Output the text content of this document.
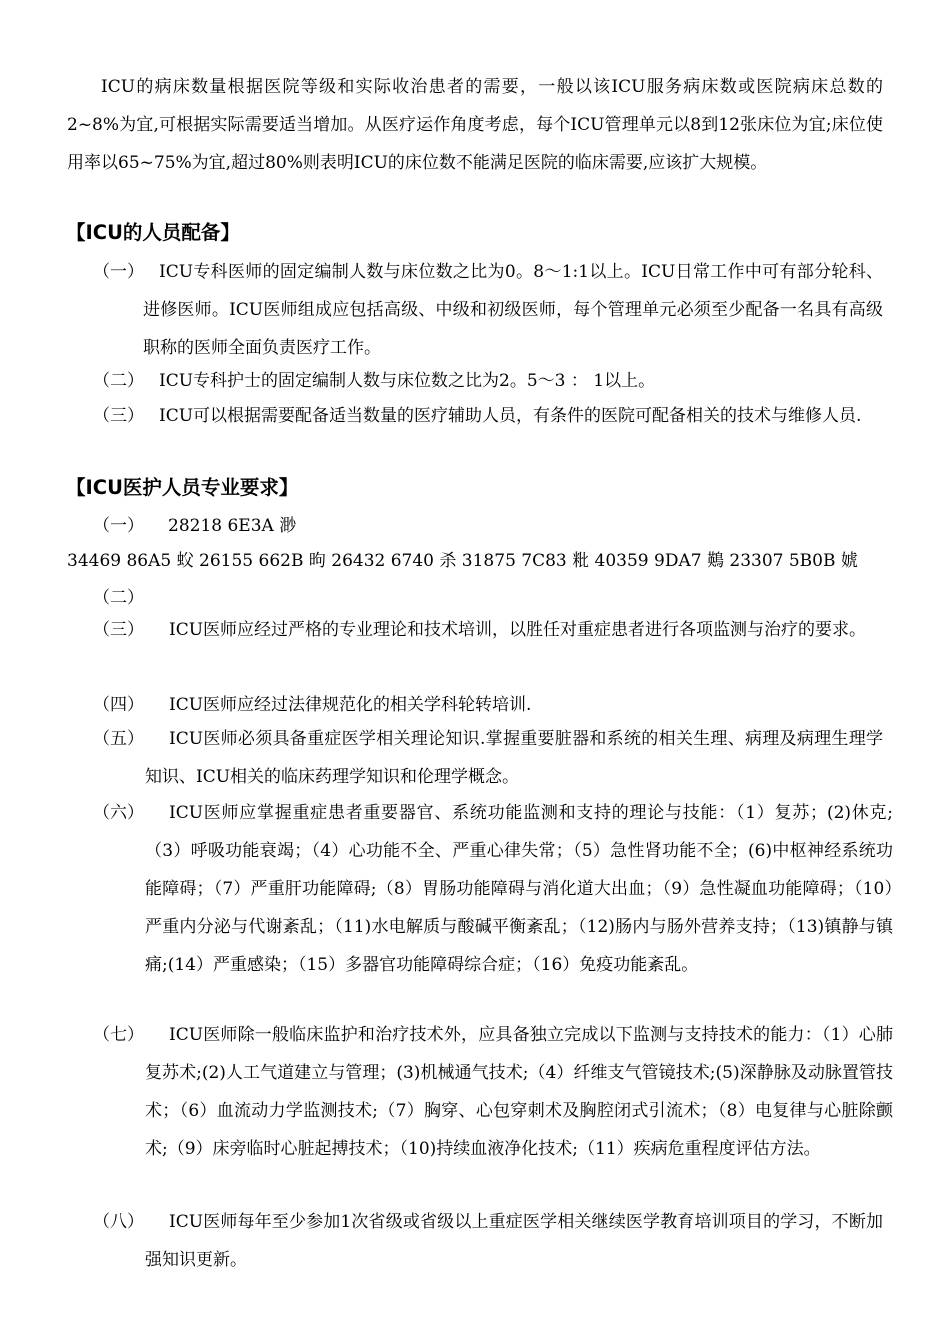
ICU的病床数量根据医院等级和实际收治患者的需要，一般以该ICU服务病床数或医院病床总数的2~8%为宜,可根据实际需要适当增加。从医疗运作角度考虑，每个ICU管理单元以8到12张床位为宜;床位使用率以65~75%为宜,超过80%则表明ICU的床位数不能满足医院的临床需要,应该扩大规模。
【ICU的人员配备】
（一） ICU专科医师的固定编制人数与床位数之比为0。8～1:1以上。ICU日常工作中可有部分轮科、进修医师。ICU医师组成应包括高级、中级和初级医师，每个管理单元必须至少配备一名具有高级职称的医师全面负责医疗工作。
（二） ICU专科护士的固定编制人数与床位数之比为2。5～3 ： 1以上。
（三） ICU可以根据需要配备适当数量的医疗辅助人员，有条件的医院可配备相关的技术与维修人员.
【ICU医护人员专业要求】
（一） 28218 6E3A 渺
34469 86A5 蚥 26155 662B 昫 26432 6740 杀 31875 7C83 粃 40359 9DA7 鶧 23307 5B0B 婋
（二）
（三）	ICU医师应经过严格的专业理论和技术培训，以胜任对重症患者进行各项监测与治疗的要求。
（四）	ICU医师应经过法律规范化的相关学科轮转培训.
（五）	ICU医师必须具备重症医学相关理论知识.掌握重要脏器和系统的相关生理、病理及病理生理学知识、ICU相关的临床药理学知识和伦理学概念。
（六）	ICU医师应掌握重症患者重要器官、系统功能监测和支持的理论与技能：（1）复苏；(2)休克;（3）呼吸功能衰竭；（4）心功能不全、严重心律失常；（5）急性肾功能不全；(6)中枢神经系统功能障碍；（7）严重肝功能障碍;（8）胃肠功能障碍与消化道大出血；（9）急性凝血功能障碍；（10）严重内分泌与代谢紊乱；（11)水电解质与酸碱平衡紊乱；（12)肠内与肠外营养支持；（13)镇静与镇痛;(14）严重感染；（15）多器官功能障碍综合症；（16）免疫功能紊乱。
（七）	ICU医师除一般临床监护和治疗技术外，应具备独立完成以下监测与支持技术的能力：（1）心肺复苏术;(2)人工气道建立与管理；(3)机械通气技术;（4）纤维支气管镜技术;(5)深静脉及动脉置管技术；（6）血流动力学监测技术;（7）胸穿、心包穿刺术及胸腔闭式引流术；（8）电复律与心脏除颤术;（9）床旁临时心脏起搏技术；（10)持续血液净化技术;（11）疾病危重程度评估方法。
（八）	ICU医师每年至少参加1次省级或省级以上重症医学相关继续医学教育培训项目的学习，不断加强知识更新。
